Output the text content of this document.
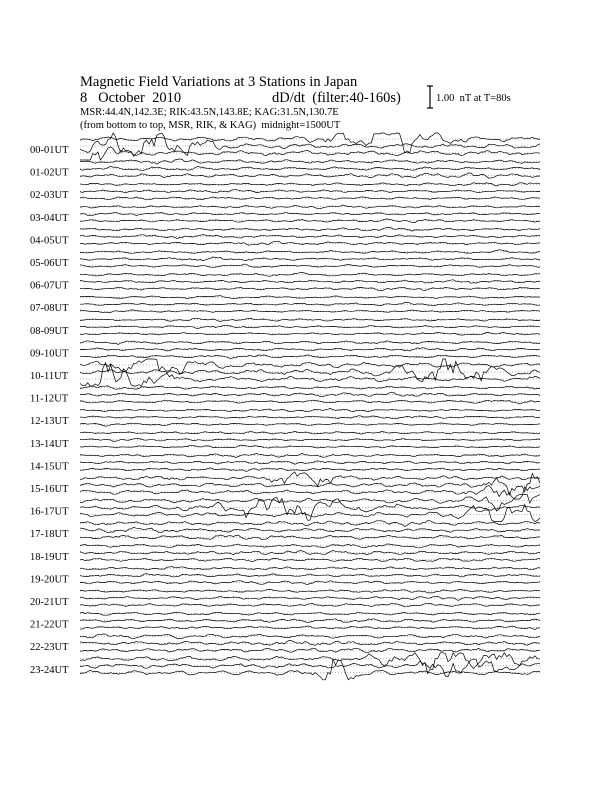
Magnetic Field Variations at 3 Stations in Japan
8   October  2010	dD/dt  (filter:40-160s)
MSR:44.4N,142.3E; RIK:43.5N,143.8E; KAG:31.5N,130.7E
(from bottom to top, MSR, RIK, & KAG)  midnight=1500UT
1.00  nT at T=80s
00-01UT
01-02UT
02-03UT
03-04UT
04-05UT
05-06UT
06-07UT
07-08UT
08-09UT
09-10UT
10-11UT
11-12UT
12-13UT
13-14UT
14-15UT
15-16UT
16-17UT
17-18UT
18-19UT
19-20UT
20-21UT
21-22UT
22-23UT
23-24UT
